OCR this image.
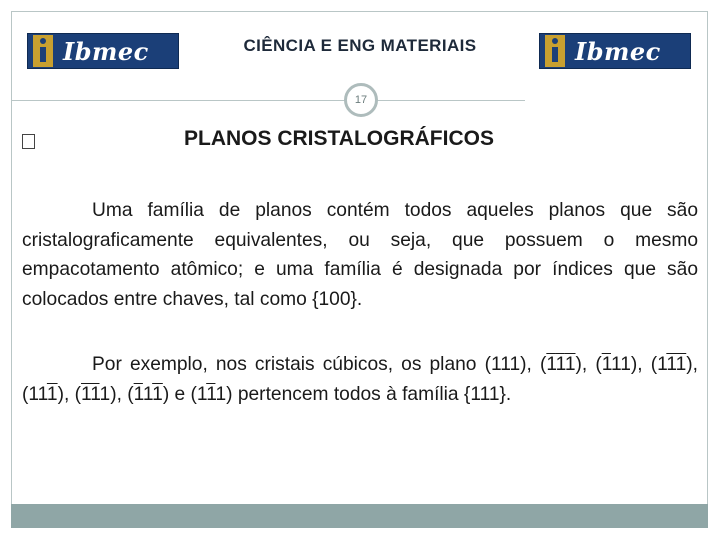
Ibmec	CIÊNCIA E ENG MATERIAIS	Ibmec
17
PLANOS CRISTALOGRÁFICOS
Uma família de planos contém todos aqueles planos que são cristalograficamente equivalentes, ou seja, que possuem o mesmo empacotamento atômico; e uma família é designada por índices que são colocados entre chaves, tal como {100}.
Por exemplo, nos cristais cúbicos, os plano (111), (111), (111), (111), (111), (111), (111) e (111) pertencem todos à família {111}.
